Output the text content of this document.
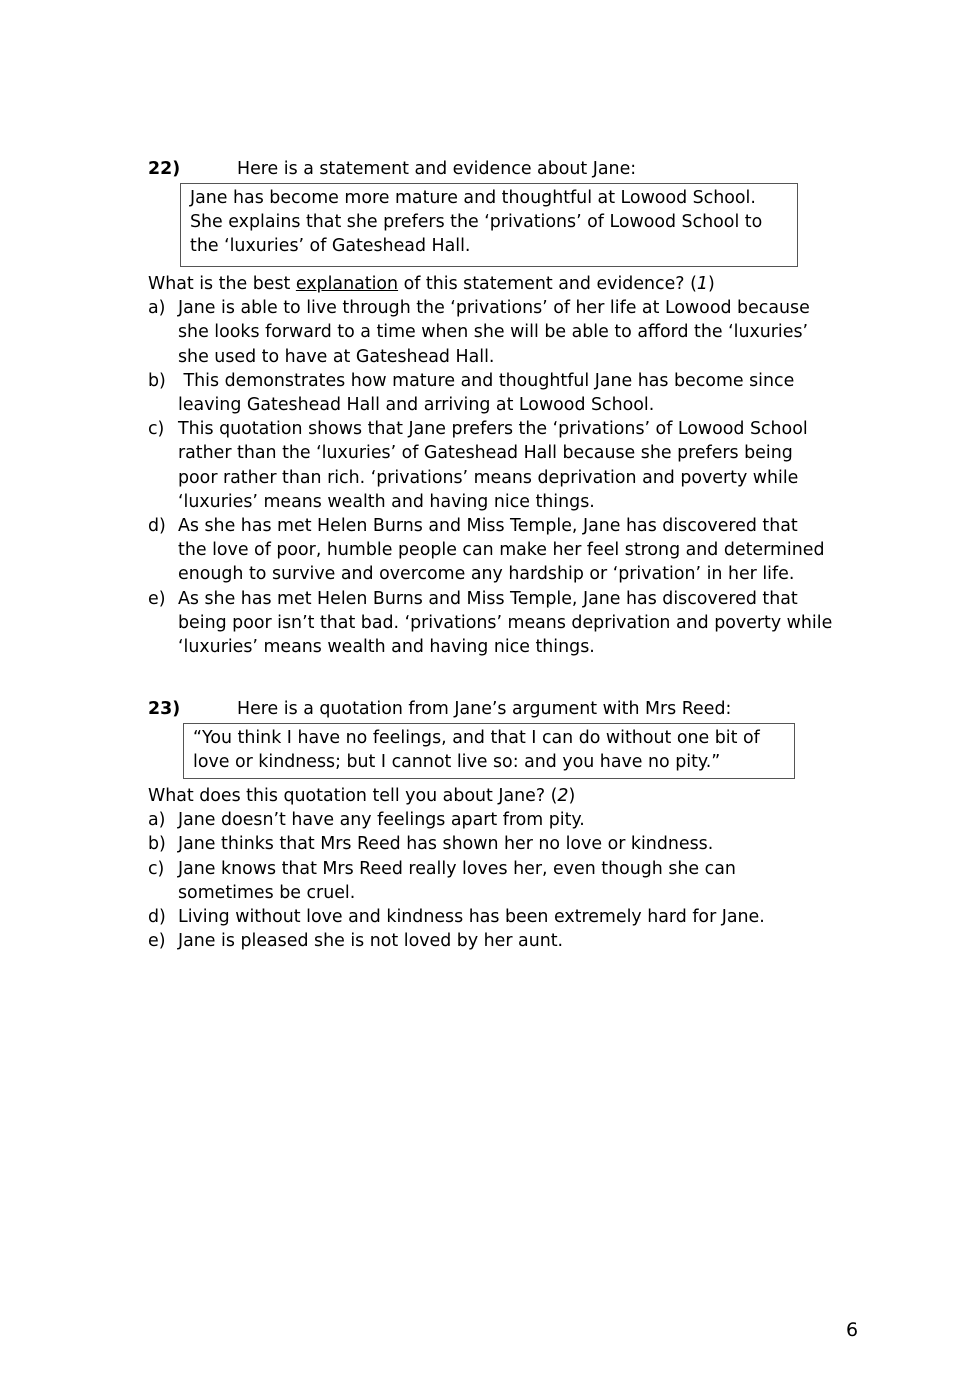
22)	Here is a statement and evidence about Jane:
Jane has become more mature and thoughtful at Lowood School.
She explains that she prefers the ‘privations’ of Lowood School to
the ‘luxuries’ of Gateshead Hall.

What is the best explanation of this statement and evidence? (1)

a) Jane is able to live through the ‘privations’ of her life at Lowood because
she looks forward to a time when she will be able to afford the ‘luxuries’
she used to have at Gateshead Hall.
b) This demonstrates how mature and thoughtful Jane has become since
leaving Gateshead Hall and arriving at Lowood School.
c) This quotation shows that Jane prefers the ‘privations’ of Lowood School
rather than the ‘luxuries’ of Gateshead Hall because she prefers being
poor rather than rich. ‘privations’ means deprivation and poverty while
‘luxuries’ means wealth and having nice things.
d) As she has met Helen Burns and Miss Temple, Jane has discovered that
the love of poor, humble people can make her feel strong and determined
enough to survive and overcome any hardship or ‘privation’ in her life.
e) As she has met Helen Burns and Miss Temple, Jane has discovered that
being poor isn’t that bad. ‘privations’ means deprivation and poverty while
‘luxuries’ means wealth and having nice things.
23)	Here is a quotation from Jane’s argument with Mrs Reed:
“You think I have no feelings, and that I can do without one bit of
love or kindness; but I cannot live so: and you have no pity.”

What does this quotation tell you about Jane? (2)

a) Jane doesn’t have any feelings apart from pity.
b) Jane thinks that Mrs Reed has shown her no love or kindness.
c) Jane knows that Mrs Reed really loves her, even though she can
sometimes be cruel.
d) Living without love and kindness has been extremely hard for Jane.
e) Jane is pleased she is not loved by her aunt.
6
